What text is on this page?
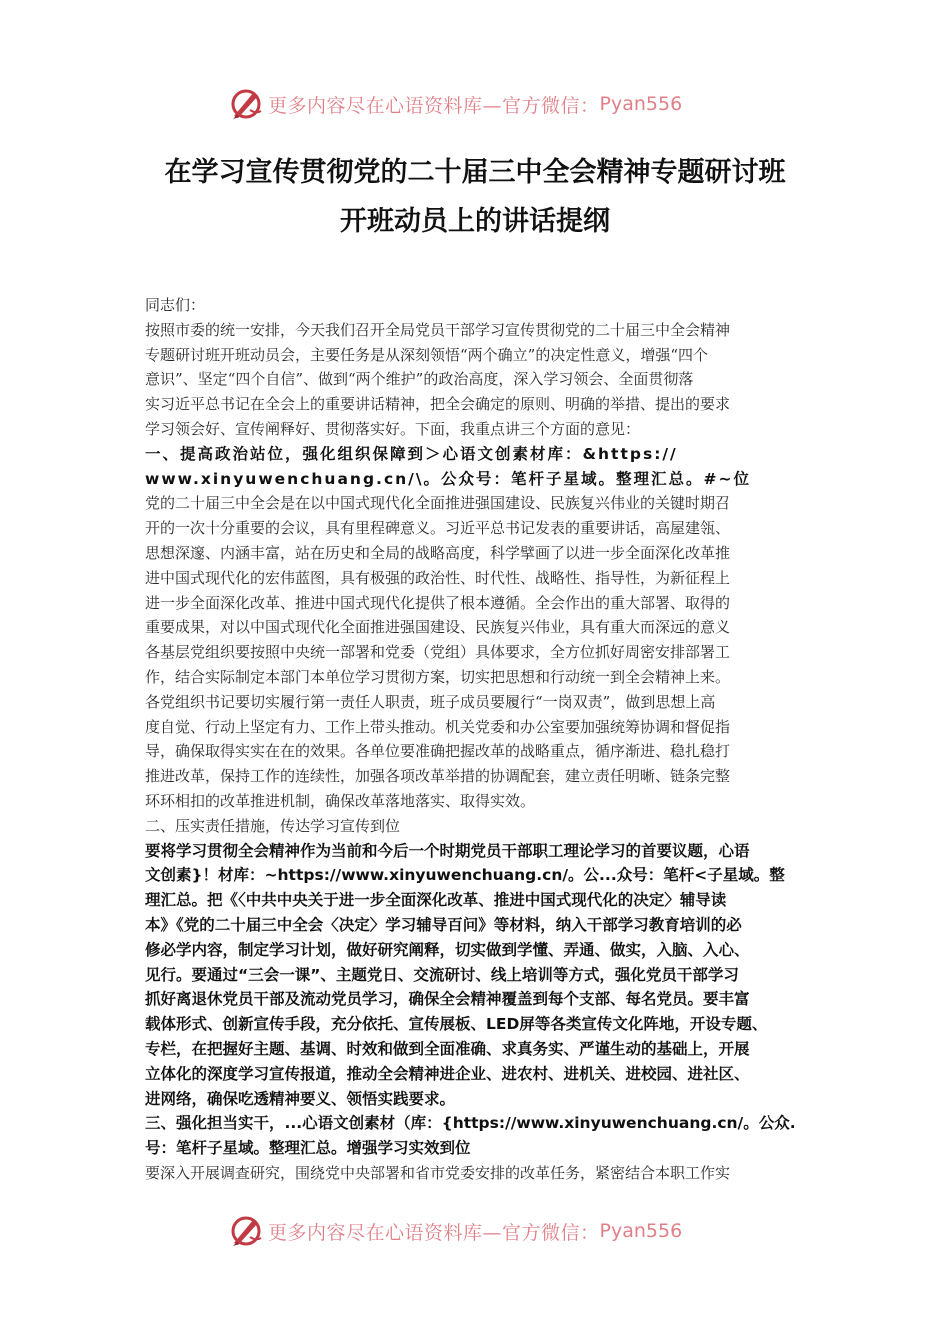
更多内容尽在心语资料库—官方微信： Pyan556
在学习宣传贯彻党的二十届三中全会精神专题研讨班
开班动员上的讲话提纲

同志们：

按照市委的统一安排，今天我们召开全局党员干部学习宣传贯彻党的二十届三中全会精神
专题研讨班开班动员会，主要任务是从深刻领悟“两个确立”的决定性意义，增强“四个
意识”、坚定“四个自信”、做到“两个维护”的政治高度，深入学习领会、全面贯彻落
实习近平总书记在全会上的重要讲话精神，把全会确定的原则、明确的举措、提出的要求
学习领会好、宣传阐释好、贯彻落实好。下面，我重点讲三个方面的意见：

一、提高政治站位，强化组织保障到＞心语文创素材库：&https://
www.xinyuwenchuang.cn/\。公众号：笔杆子星域。整理汇总。#~位

党的二十届三中全会是在以中国式现代化全面推进强国建设、民族复兴伟业的关键时期召
开的一次十分重要的会议，具有里程碑意义。习近平总书记发表的重要讲话，高屋建瓴、
思想深邃、内涵丰富，站在历史和全局的战略高度，科学擘画了以进一步全面深化改革推
进中国式现代化的宏伟蓝图，具有极强的政治性、时代性、战略性、指导性，为新征程上
进一步全面深化改革、推进中国式现代化提供了根本遵循。全会作出的重大部署、取得的
重要成果，对以中国式现代化全面推进强国建设、民族复兴伟业，具有重大而深远的意义
各基层党组织要按照中央统一部署和党委（党组）具体要求，全方位抓好周密安排部署工
作，结合实际制定本部门本单位学习贯彻方案，切实把思想和行动统一到全会精神上来。
各党组织书记要切实履行第一责任人职责，班子成员要履行“一岗双责”，做到思想上高
度自觉、行动上坚定有力、工作上带头推动。机关党委和办公室要加强统筹协调和督促指
导，确保取得实实在在的效果。各单位要准确把握改革的战略重点，循序渐进、稳扎稳打
推进改革，保持工作的连续性，加强各项改革举措的协调配套，建立责任明晰、链条完整
环环相扣的改革推进机制，确保改革落地落实、取得实效。

二、压实责任措施，传达学习宣传到位

要将学习贯彻全会精神作为当前和今后一个时期党员干部职工理论学习的首要议题，心语
文创素}！材库：~https://www.xinyuwenchuang.cn/。公...众号：笔杆<子星域。整
理汇总。把《〈中共中央关于进一步全面深化改革、推进中国式现代化的决定〉辅导读
本》《党的二十届三中全会〈决定〉学习辅导百问》等材料，纳入干部学习教育培训的必
修必学内容，制定学习计划，做好研究阐释，切实做到学懂、弄通、做实，入脑、入心、
见行。要通过“三会一课”、主题党日、交流研讨、线上培训等方式，强化党员干部学习
抓好离退休党员干部及流动党员学习，确保全会精神覆盖到每个支部、每名党员。要丰富
载体形式、创新宣传手段，充分依托、宣传展板、LED屏等各类宣传文化阵地，开设专题、
专栏，在把握好主题、基调、时效和做到全面准确、求真务实、严谨生动的基础上，开展
立体化的深度学习宣传报道，推动全会精神进企业、进农村、进机关、进校园、进社区、
进网络，确保吃透精神要义、领悟实践要求。

三、强化担当实干，...心语文创素材（库：{https://www.xinyuwenchuang.cn/。公众.
号：笔杆子星域。整理汇总。增强学习实效到位

要深入开展调查研究，围绕党中央部署和省市党委安排的改革任务，紧密结合本职工作实

更多内容尽在心语资料库—官方微信： Pyan556
